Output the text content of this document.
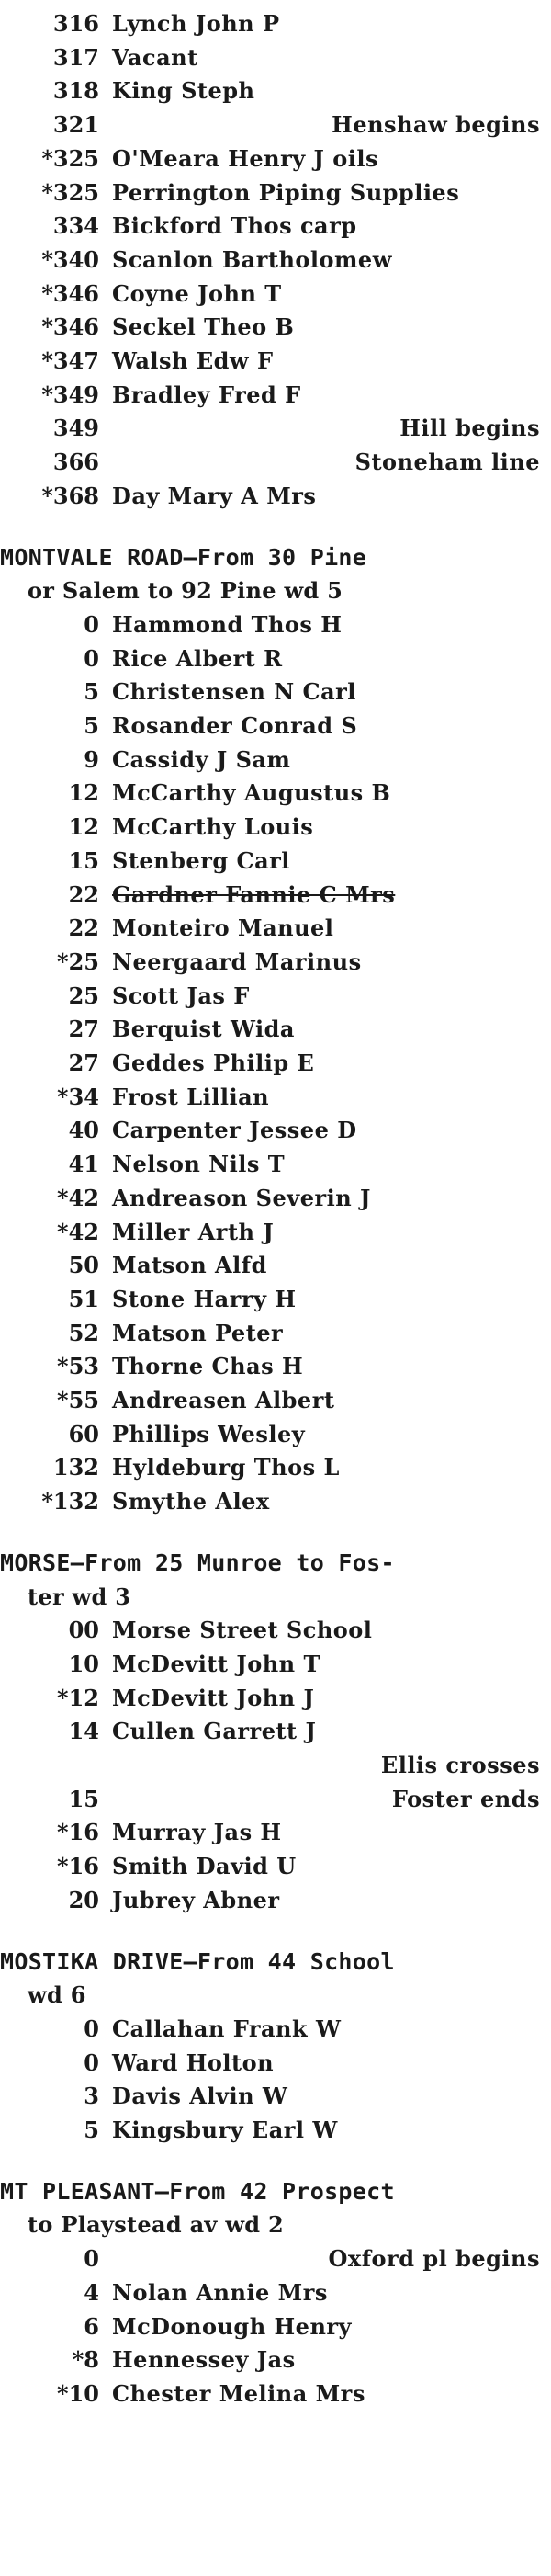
316 Lynch John P
317 Vacant
318 King Steph
321	Henshaw begins
*325 O'Meara Henry J oils
*325 Perrington Piping Supplies
334 Bickford Thos carp
*340 Scanlon Bartholomew
*346 Coyne John T
*346 Seckel Theo B
*347 Walsh Edw F
*349 Bradley Fred F
349	Hill begins
366	Stoneham line
*368 Day Mary A Mrs
MONTVALE ROAD—From 30 Pine
or Salem to 92 Pine wd 5
0 Hammond Thos H
0 Rice Albert R
5 Christensen N Carl
5 Rosander Conrad S
9 Cassidy J Sam
12 McCarthy Augustus B
12 McCarthy Louis
15 Stenberg Carl
22 Gardner Fannie C Mrs
22 Monteiro Manuel
*25 Neergaard Marinus
25 Scott Jas F
27 Berquist Wida
27 Geddes Philip E
*34 Frost Lillian
40 Carpenter Jessee D
41 Nelson Nils T
*42 Andreason Severin J
*42 Miller Arth J
50 Matson Alfd
51 Stone Harry H
52 Matson Peter
*53 Thorne Chas H
*55 Andreasen Albert
60 Phillips Wesley
132 Hyldeburg Thos L
*132 Smythe Alex
MORSE—From 25 Munroe to Fos-
ter wd 3
00 Morse Street School
10 McDevitt John T
*12 McDevitt John J
14 Cullen Garrett J
Ellis crosses
15	Foster ends
*16 Murray Jas H
*16 Smith David U
20 Jubrey Abner
MOSTIKA DRIVE—From 44 School
wd 6
0 Callahan Frank W
0 Ward Holton
3 Davis Alvin W
5 Kingsbury Earl W
MT PLEASANT—From 42 Prospect
to Playstead av wd 2
0	Oxford pl begins
4 Nolan Annie Mrs
6 McDonough Henry
*8 Hennessey Jas
*10 Chester Melina Mrs
